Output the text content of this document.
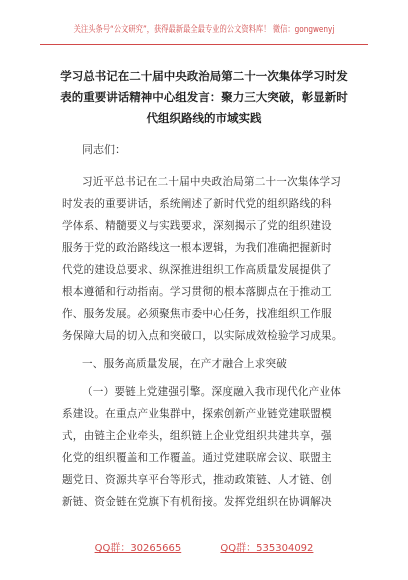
关注头条号“公文研究”，获得最新最全最专业的公文资料库！ 微信：gongwenyj
学习总书记在二十届中央政治局第二十一次集体学习时发
表的重要讲话精神中心组发言：聚力三大突破，彰显新时
代组织路线的市域实践
同志们：
习近平总书记在二十届中央政治局第二十一次集体学习
时发表的重要讲话，系统阐述了新时代党的组织路线的科
学体系、精髓要义与实践要求，深刻揭示了党的组织建设
服务于党的政治路线这一根本逻辑，为我们准确把握新时
代党的建设总要求、纵深推进组织工作高质量发展提供了
根本遵循和行动指南。学习贯彻的根本落脚点在于推动工
作、服务发展。必须聚焦市委中心任务，找准组织工作服
务保障大局的切入点和突破口，以实际成效检验学习成果。
一、服务高质量发展，在产才融合上求突破
（一）要链上党建强引擎。深度融入我市现代化产业体
系建设。在重点产业集群中，探索创新产业链党建联盟模
式，由链主企业牵头，组织链上企业党组织共建共享，强
化党的组织覆盖和工作覆盖。通过党建联席会议、联盟主
题党日、资源共享平台等形式，推动政策链、人才链、创
新链、资金链在党旗下有机衔接。发挥党组织在协调解决
QQ群：30265665	QQ群：535304092
